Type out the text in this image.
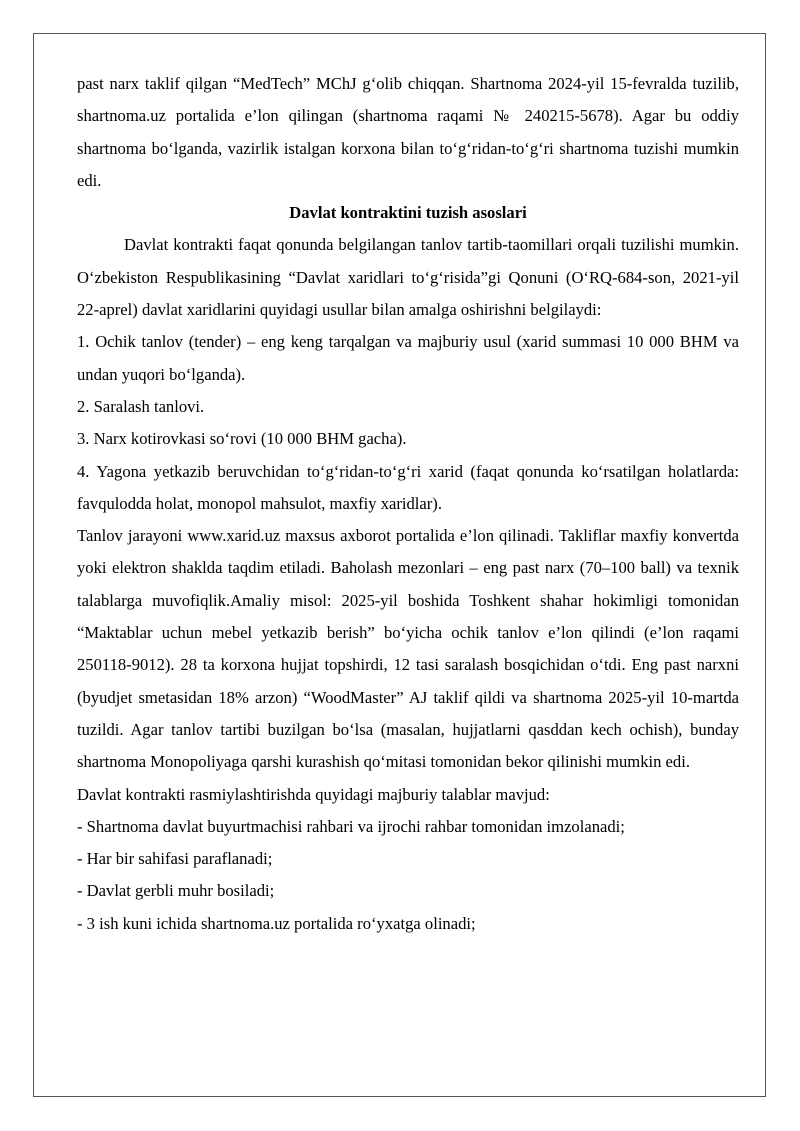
past narx taklif qilgan “MedTech” MChJ g‘olib chiqqan. Shartnoma 2024-yil 15-fevralda tuzilib, shartnoma.uz portalida e’lon qilingan (shartnoma raqami № 240215-5678). Agar bu oddiy shartnoma bo‘lganda, vazirlik istalgan korxona bilan to‘g‘ridan-to‘g‘ri shartnoma tuzishi mumkin edi.

Davlat kontraktini tuzish asoslari

Davlat kontrakti faqat qonunda belgilangan tanlov tartib-taomillari orqali tuzilishi mumkin. O‘zbekiston Respublikasining “Davlat xaridlari to‘g‘risida”gi Qonuni (O‘RQ-684-son, 2021-yil 22-aprel) davlat xaridlarini quyidagi usullar bilan amalga oshirishni belgilaydi:

1. Ochik tanlov (tender) – eng keng tarqalgan va majburiy usul (xarid summasi 10 000 BHM va undan yuqori bo‘lganda).

2. Saralash tanlovi.

3. Narx kotirovkasi so‘rovi (10 000 BHM gacha).

4. Yagona yetkazib beruvchidan to‘g‘ridan-to‘g‘ri xarid (faqat qonunda ko‘rsatilgan holatlarda: favqulodda holat, monopol mahsulot, maxfiy xaridlar).

Tanlov jarayoni www.xarid.uz maxsus axborot portalida e’lon qilinadi. Takliflar maxfiy konvertda yoki elektron shaklda taqdim etiladi. Baholash mezonlari – eng past narx (70–100 ball) va texnik talablarga muvofiqlik.Amaliy misol: 2025-yil boshida Toshkent shahar hokimligi tomonidan “Maktablar uchun mebel yetkazib berish” bo‘yicha ochik tanlov e’lon qilindi (e’lon raqami 250118-9012). 28 ta korxona hujjat topshirdi, 12 tasi saralash bosqichidan o‘tdi. Eng past narxni (byudjet smetasidan 18% arzon) “WoodMaster” AJ taklif qildi va shartnoma 2025-yil 10-martda tuzildi. Agar tanlov tartibi buzilgan bo‘lsa (masalan, hujjatlarni qasddan kech ochish), bunday shartnoma Monopoliyaga qarshi kurashish qo‘mitasi tomonidan bekor qilinishi mumkin edi.

Davlat kontrakti rasmiylashtirishda quyidagi majburiy talablar mavjud:

- Shartnoma davlat buyurtmachisi rahbari va ijrochi rahbar tomonidan imzolanadi;

- Har bir sahifasi paraflanadi;

- Davlat gerbli muhr bosiladi;

- 3 ish kuni ichida shartnoma.uz portalida ro‘yxatga olinadi;
